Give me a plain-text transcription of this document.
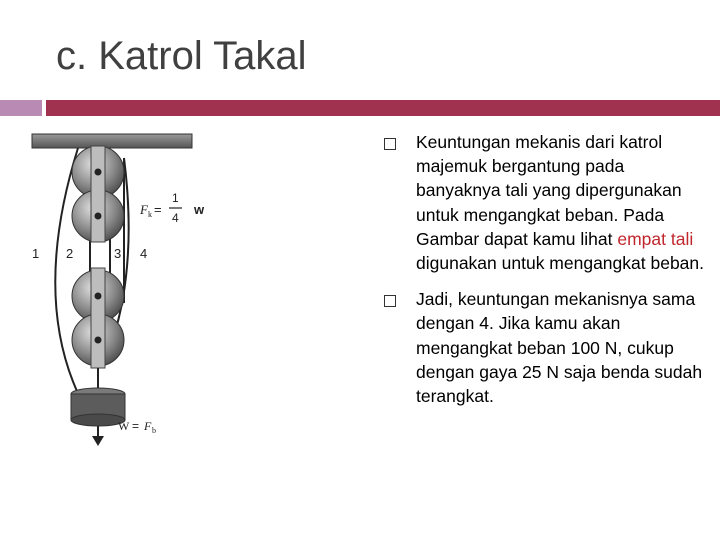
c. Katrol Takal
1 2	3 4
F k =
1
4
w
W = F b
Keuntungan mekanis dari katrol majemuk bergantung pada banyaknya tali yang dipergunakan untuk mengangkat beban. Pada Gambar dapat kamu lihat empat tali digunakan untuk mengangkat beban.
Jadi, keuntungan mekanisnya sama dengan 4. Jika kamu akan mengangkat beban 100 N, cukup dengan gaya 25 N saja benda sudah terangkat.
